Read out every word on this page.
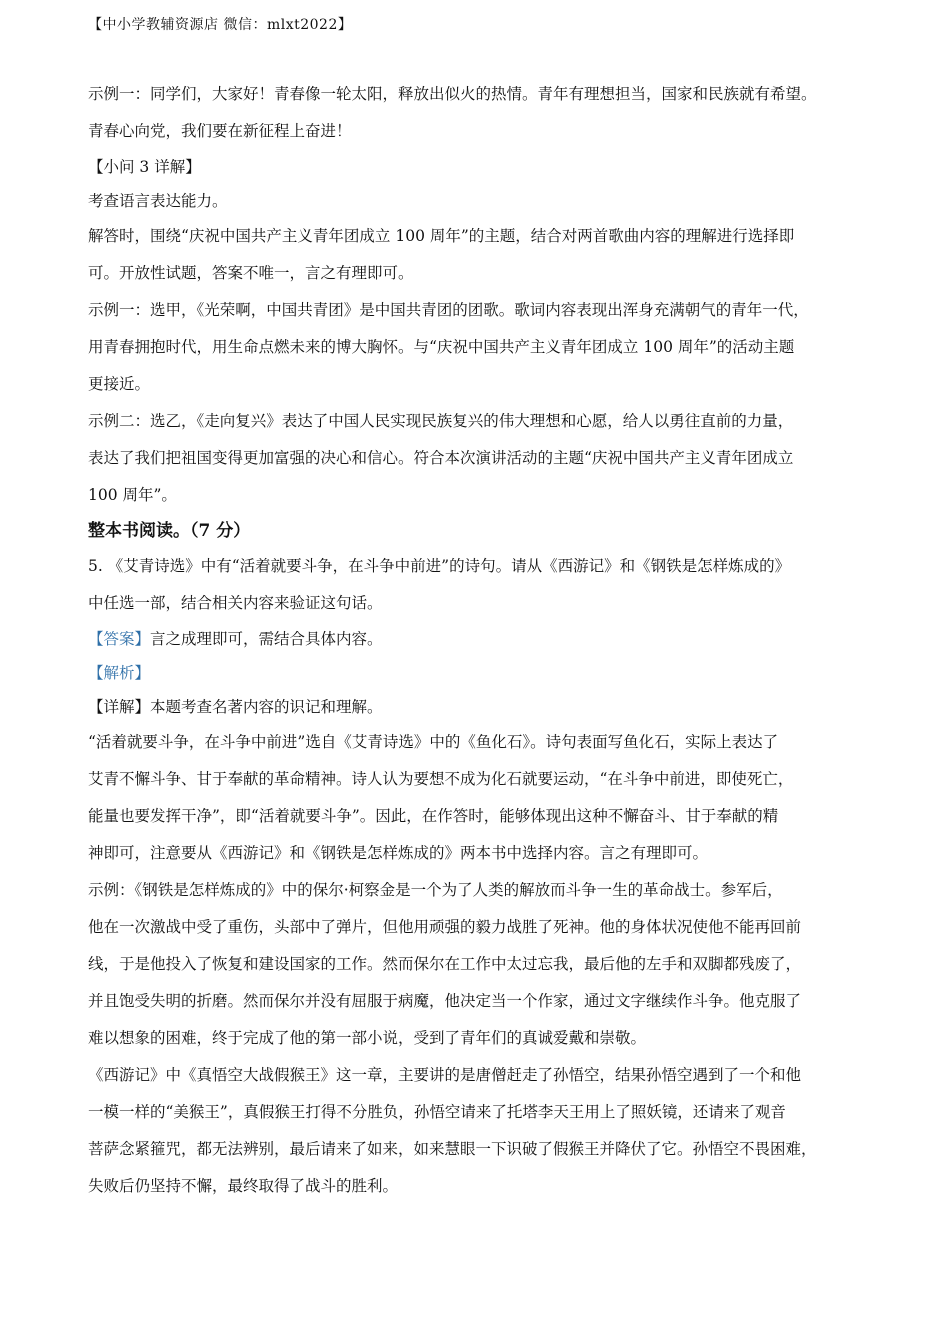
【中小学教辅资源店 微信：mlxt2022】
示例一：同学们，大家好！青春像一轮太阳，释放出似火的热情。青年有理想担当，国家和民族就有希望。
青春心向党，我们要在新征程上奋进！
【小问 3 详解】
考查语言表达能力。
解答时，围绕“庆祝中国共产主义青年团成立 100 周年”的主题，结合对两首歌曲内容的理解进行选择即
可。开放性试题，答案不唯一，言之有理即可。
示例一：选甲，《光荣啊，中国共青团》是中国共青团的团歌。歌词内容表现出浑身充满朝气的青年一代，
用青春拥抱时代，用生命点燃未来的博大胸怀。与“庆祝中国共产主义青年团成立 100 周年”的活动主题
更接近。
示例二：选乙，《走向复兴》表达了中国人民实现民族复兴的伟大理想和心愿，给人以勇往直前的力量，
表达了我们把祖国变得更加富强的决心和信心。符合本次演讲活动的主题“庆祝中国共产主义青年团成立
100 周年”。
整本书阅读。（7 分）
5. 《艾青诗选》中有“活着就要斗争，在斗争中前进”的诗句。请从《西游记》和《钢铁是怎样炼成的》
中任选一部，结合相关内容来验证这句话。
【答案】言之成理即可，需结合具体内容。
【解析】
【详解】本题考查名著内容的识记和理解。
“活着就要斗争，在斗争中前进”选自《艾青诗选》中的《鱼化石》。诗句表面写鱼化石，实际上表达了
艾青不懈斗争、甘于奉献的革命精神。诗人认为要想不成为化石就要运动，“在斗争中前进，即使死亡，
能量也要发挥干净”，即“活着就要斗争”。因此，在作答时，能够体现出这种不懈奋斗、甘于奉献的精
神即可，注意要从《西游记》和《钢铁是怎样炼成的》两本书中选择内容。言之有理即可。
示例：《钢铁是怎样炼成的》中的保尔·柯察金是一个为了人类的解放而斗争一生的革命战士。参军后，
他在一次激战中受了重伤，头部中了弹片，但他用顽强的毅力战胜了死神。他的身体状况使他不能再回前
线，于是他投入了恢复和建设国家的工作。然而保尔在工作中太过忘我，最后他的左手和双脚都残废了，
并且饱受失明的折磨。然而保尔并没有屈服于病魔，他决定当一个作家，通过文字继续作斗争。他克服了
难以想象的困难，终于完成了他的第一部小说，受到了青年们的真诚爱戴和崇敬。
《西游记》中《真悟空大战假猴王》这一章，主要讲的是唐僧赶走了孙悟空，结果孙悟空遇到了一个和他
一模一样的“美猴王”，真假猴王打得不分胜负，孙悟空请来了托塔李天王用上了照妖镜，还请来了观音
菩萨念紧箍咒，都无法辨别，最后请来了如来，如来慧眼一下识破了假猴王并降伏了它。孙悟空不畏困难，
失败后仍坚持不懈，最终取得了战斗的胜利。
